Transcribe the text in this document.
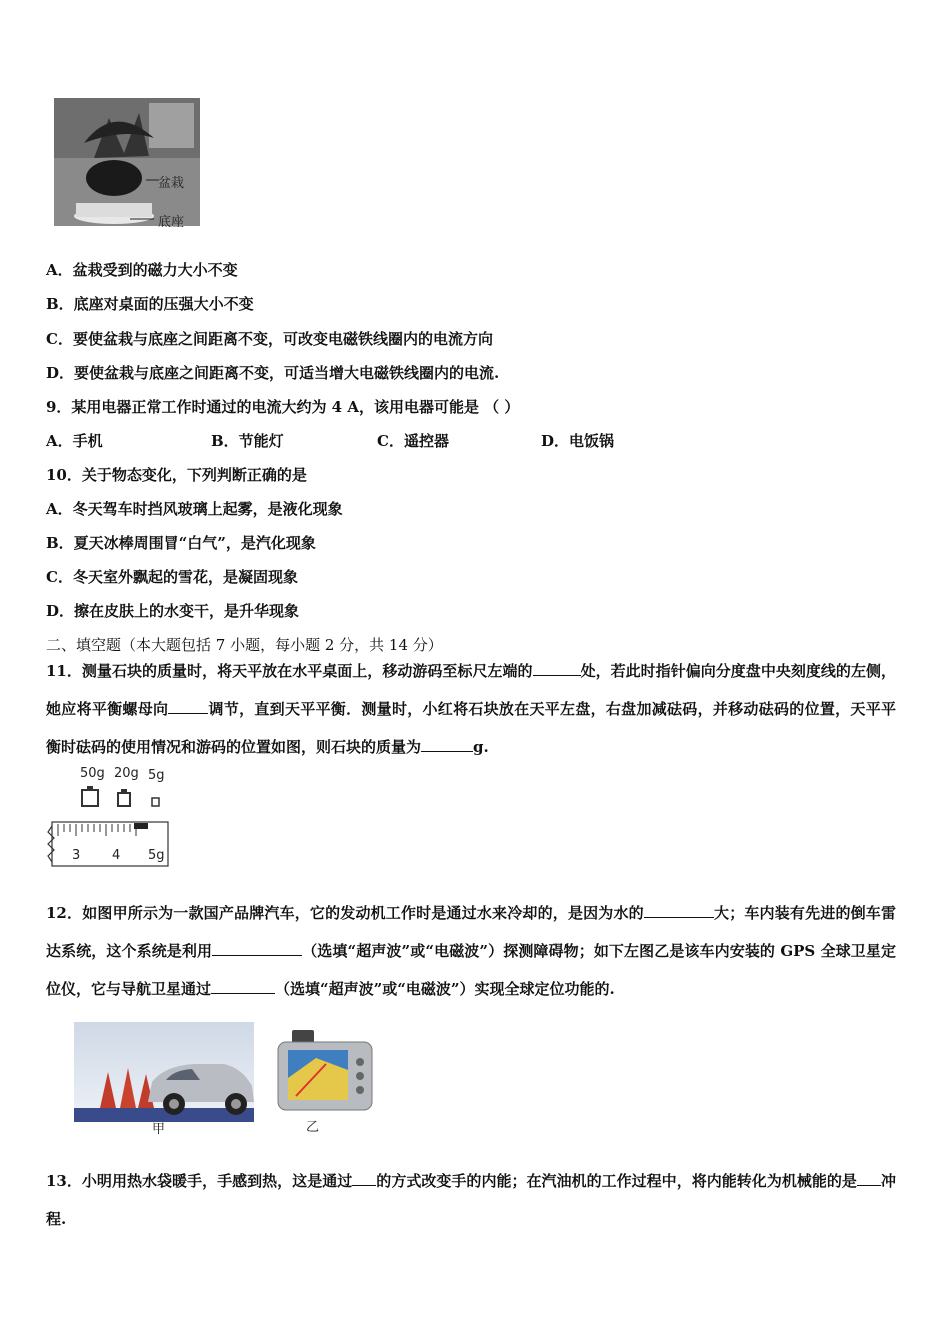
盆栽
底座
A．盆栽受到的磁力大小不变
B．底座对桌面的压强大小不变
C．要使盆栽与底座之间距离不变，可改变电磁铁线圈内的电流方向
D．要使盆栽与底座之间距离不变，可适当增大电磁铁线圈内的电流.
9．某用电器正常工作时通过的电流大约为 4 A，该用电器可能是 （ ）
A．手机	B．节能灯	C．遥控器	D．电饭锅
10．关于物态变化，下列判断正确的是
A．冬天驾车时挡风玻璃上起雾，是液化现象
B．夏天冰棒周围冒“白气”，是汽化现象
C．冬天室外飘起的雪花，是凝固现象
D．擦在皮肤上的水变干，是升华现象
二、填空题（本大题包括 7 小题，每小题 2 分，共 14 分）
11．测量石块的质量时，将天平放在水平桌面上，移动游码至标尺左端的	处，若此时指针偏向分度盘中央刻度线的左侧，她应将平衡螺母向	调节，直到天平平衡．测量时，小红将石块放在天平左盘，右盘加减砝码，并移动砝码的位置，天平平衡时砝码的使用情况和游码的位置如图，则石块的质量为	g.
50g 20g 5g
3 4 5g
12．如图甲所示为一款国产品牌汽车，它的发动机工作时是通过水来冷却的，是因为水的	大；车内装有先进的倒车雷达系统，这个系统是利用	（选填“超声波”或“电磁波”）探测障碍物；如下左图乙是该车内安装的 GPS 全球卫星定位仪，它与导航卫星通过	（选填“超声波”或“电磁波”）实现全球定位功能的.
甲	乙
13．小明用热水袋暖手，手感到热，这是通过 的方式改变手的内能；在汽油机的工作过程中，将内能转化为机械能的是 冲程.
